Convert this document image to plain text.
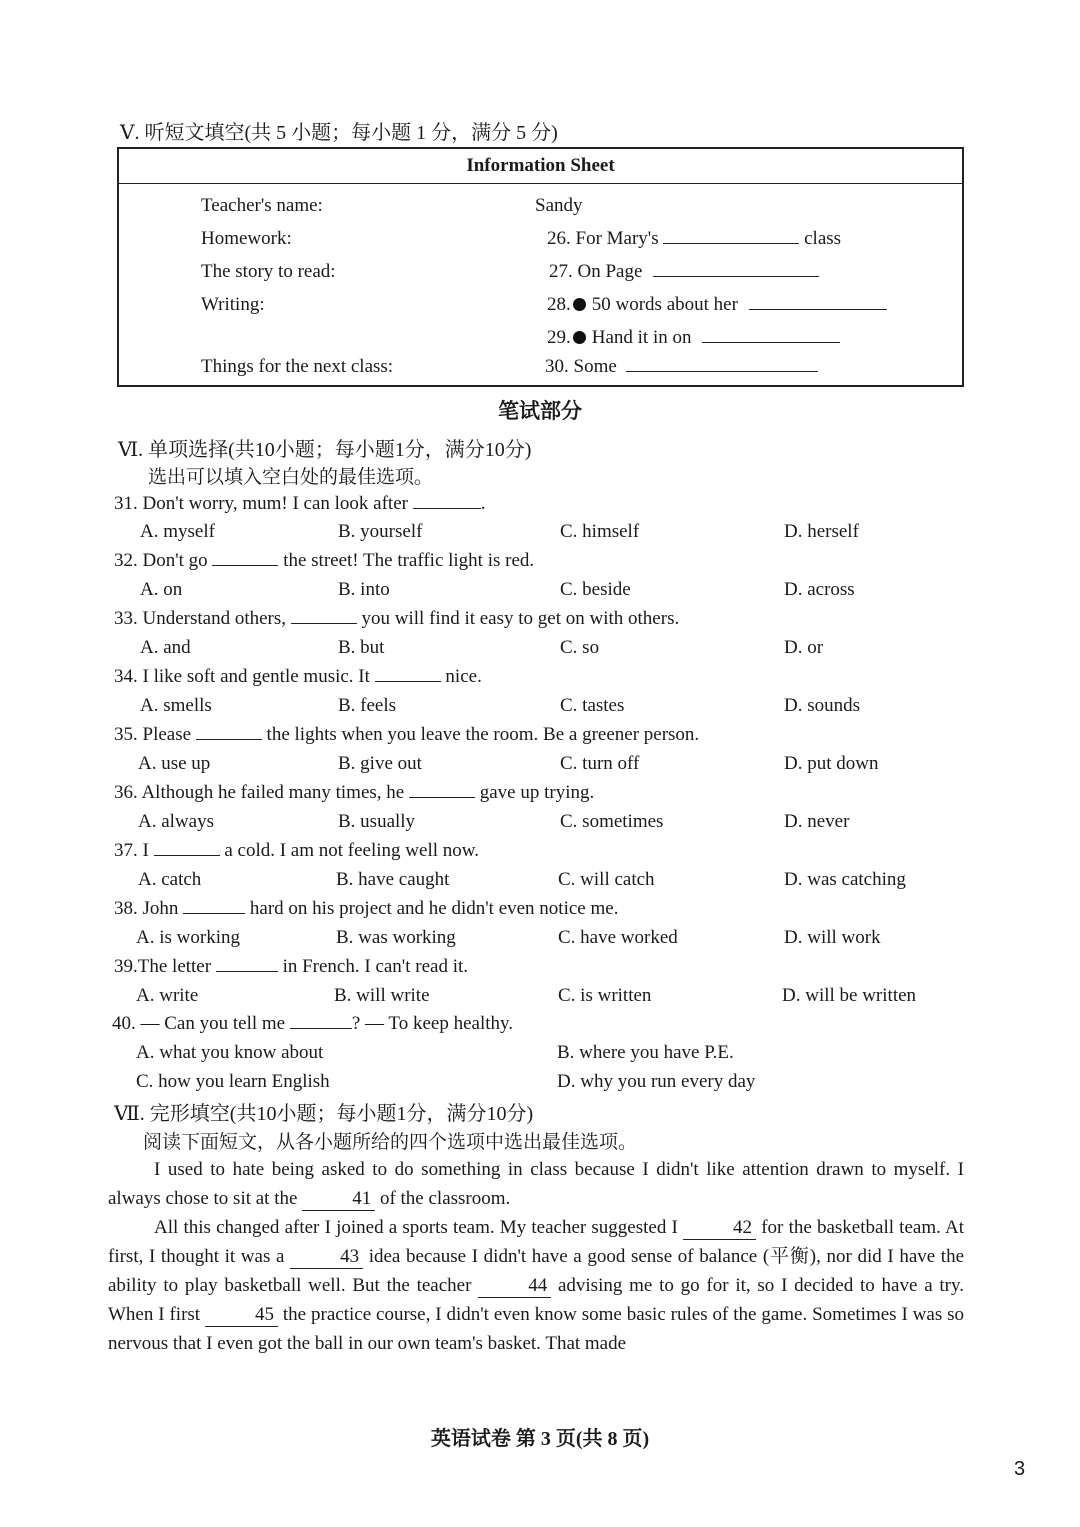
Ⅴ. 听短文填空(共 5 小题；每小题 1 分，满分 5 分)
Information Sheet
Teacher's name:	Sandy
Homework:	26. For Mary's	class
The story to read:	27. On Page
Writing:	28. 50 words about her
29. Hand it in on
Things for the next class:	30. Some
笔试部分
Ⅵ. 单项选择(共10小题；每小题1分，满分10分)
选出可以填入空白处的最佳选项。
31. Don't worry, mum! I can look after	.
A. myself	B. yourself	C. himself	D. herself
32. Don't go	the street! The traffic light is red.
A. on	B. into	C. beside	D. across
33. Understand others,	you will find it easy to get on with others.
A. and	B. but	C. so	D. or
34. I like soft and gentle music. It	nice.
A. smells	B. feels	C. tastes	D. sounds
35. Please	the lights when you leave the room. Be a greener person.
A. use up	B. give out	C. turn off	D. put down
36. Although he failed many times, he	gave up trying.
A. always	B. usually	C. sometimes	D. never
37. I	a cold. I am not feeling well now.
A. catch	B. have caught	C. will catch	D. was catching
38. John	hard on his project and he didn't even notice me.
A. is working	B. was working	C. have worked	D. will work
39.The letter	in French. I can't read it.
A. write	B. will write	C. is written	D. will be written
40. — Can you tell me	? — To keep healthy.
A. what you know about	B. where you have P.E.
C. how you learn English	D. why you run every day
Ⅶ. 完形填空(共10小题；每小题1分，满分10分)
阅读下面短文，从各小题所给的四个选项中选出最佳选项。
I used to hate being asked to do something in class because I didn't like attention drawn to myself. I always chose to sit at the	41 of the classroom.
All this changed after I joined a sports team. My teacher suggested I	42 for the basketball team. At first, I thought it was a	43 idea because I didn't have a good sense of balance (平衡), nor did I have the ability to play basketball well. But the teacher	44 advising me to go for it, so I decided to have a try. When I first	45 the practice course, I didn't even know some basic rules of the game. Sometimes I was so nervous that I even got the ball in our own team's basket. That made
英语试卷 第 3 页(共 8 页)
3
